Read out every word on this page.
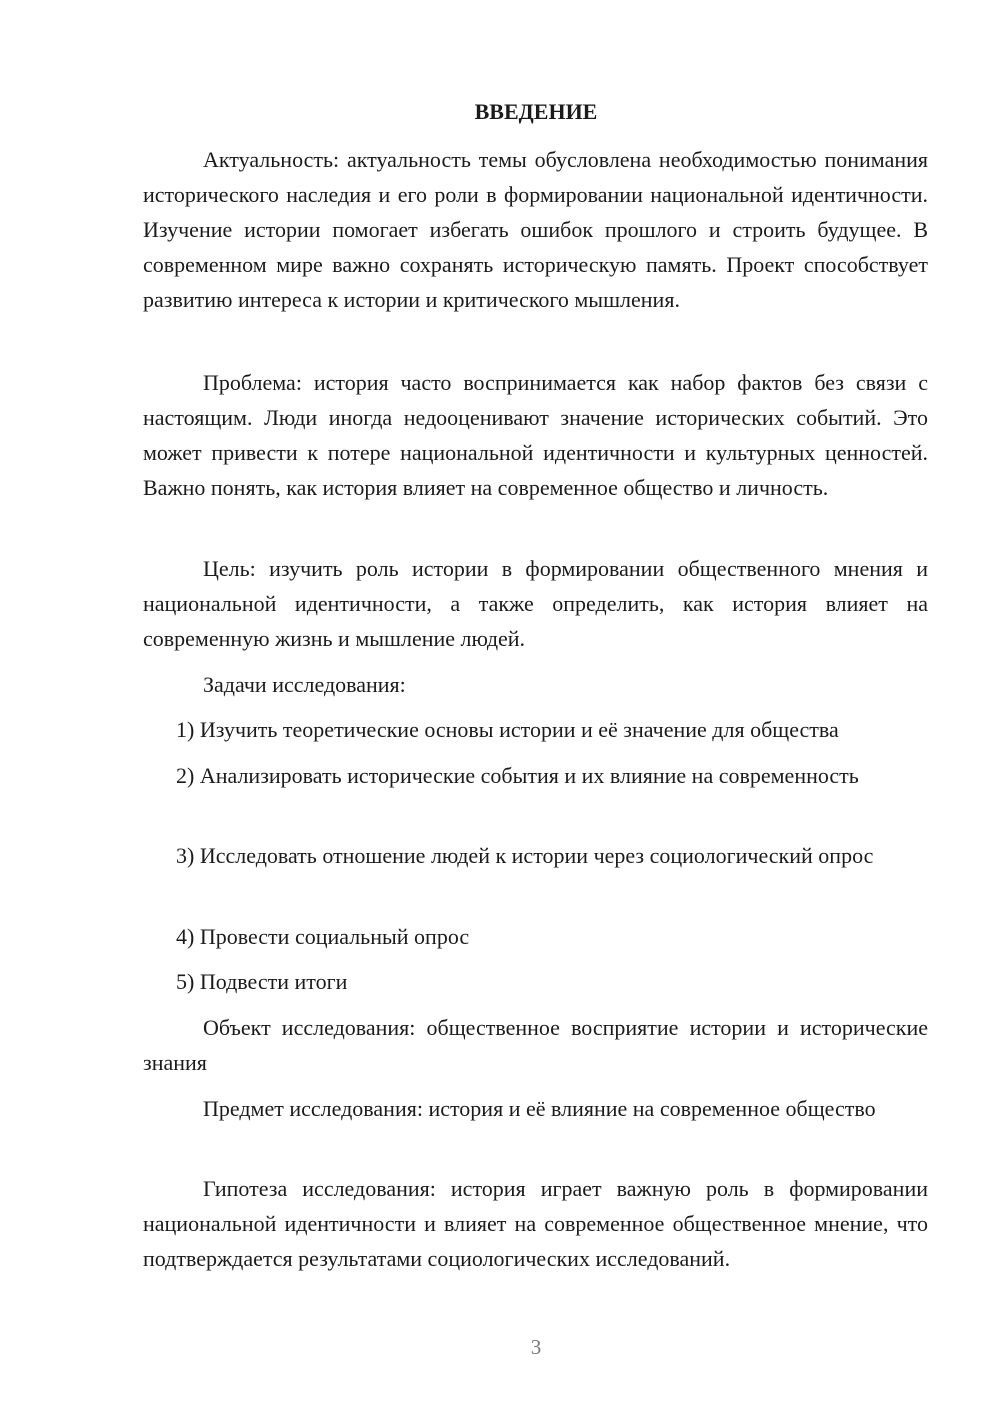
ВВЕДЕНИЕ

Актуальность: актуальность темы обусловлена необходимостью понимания исторического наследия и его роли в формировании национальной идентичности. Изучение истории помогает избегать ошибок прошлого и строить будущее. В современном мире важно сохранять историческую память. Проект способствует развитию интереса к истории и критического мышления.

Проблема: история часто воспринимается как набор фактов без связи с настоящим. Люди иногда недооценивают значение исторических событий. Это может привести к потере национальной идентичности и культурных ценностей. Важно понять, как история влияет на современное общество и личность.

Цель: изучить роль истории в формировании общественного мнения и национальной идентичности, а также определить, как история влияет на современную жизнь и мышление людей.

Задачи исследования:

1) Изучить теоретические основы истории и её значение для общества

2) Анализировать исторические события и их влияние на современность

3) Исследовать отношение людей к истории через социологический опрос

4) Провести социальный опрос

5) Подвести итоги

Объект исследования: общественное восприятие истории и исторические знания

Предмет исследования: история и её влияние на современное общество

Гипотеза исследования: история играет важную роль в формировании национальной идентичности и влияет на современное общественное мнение, что подтверждается результатами социологических исследований.

3
